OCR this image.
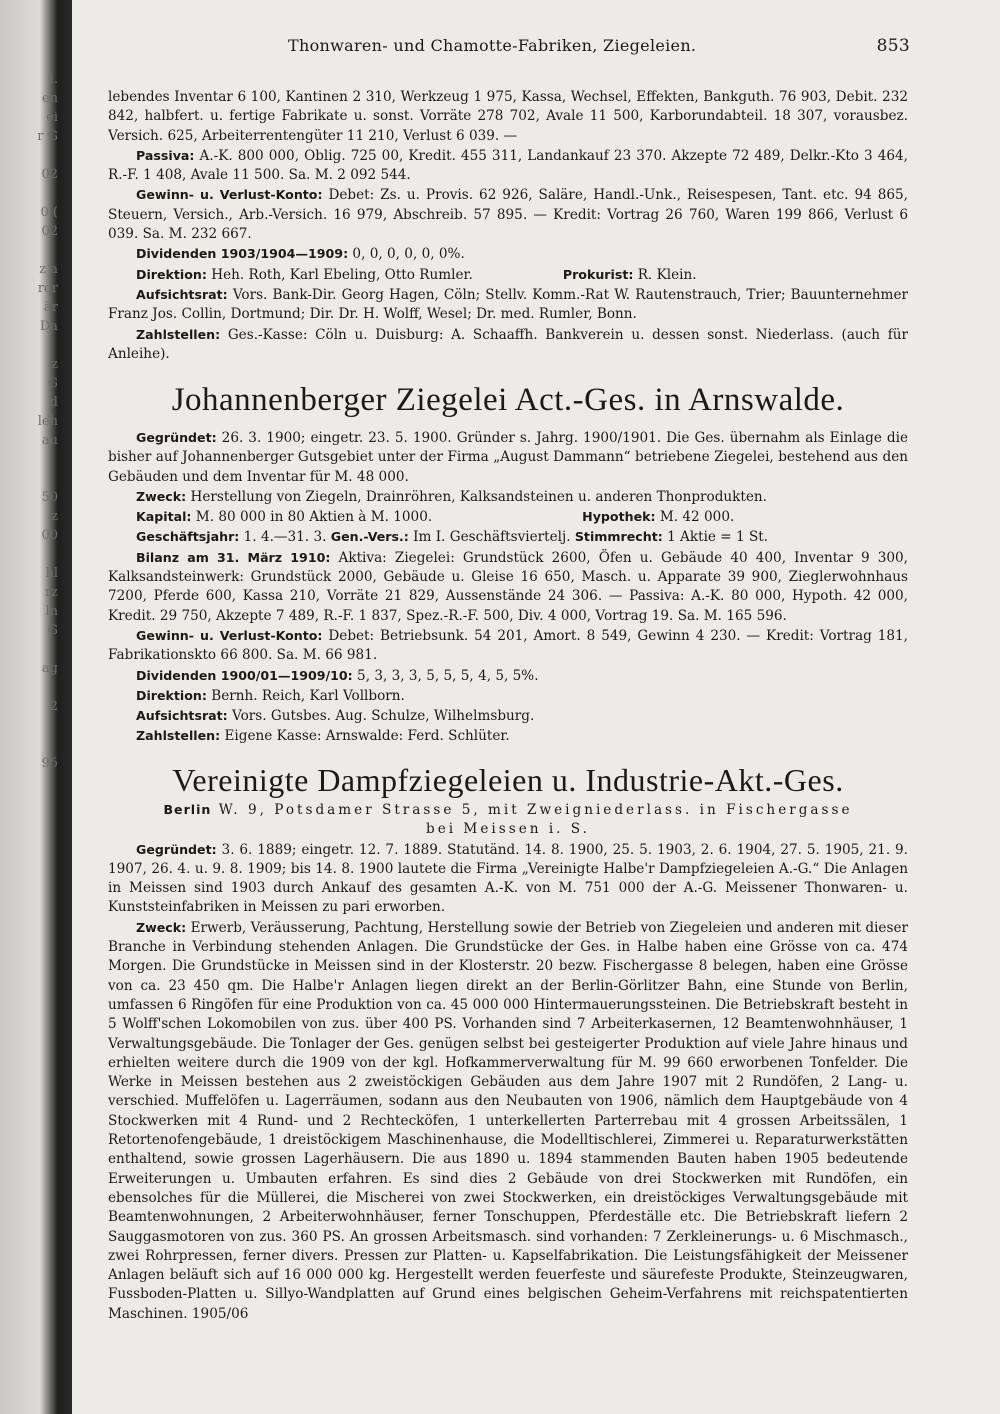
l.
en
ei
r G

02

0 (
02

z a
ror
är
Da

z
G
d
leh
au

50
z
00

hl
rz
ln
G

ag

2

95
Thonwaren- und Chamotte-Fabriken, Ziegeleien.	853

lebendes Inventar 6 100, Kantinen 2 310, Werkzeug 1 975, Kassa, Wechsel, Effekten, Bankguth. 76 903, Debit. 232 842, halbfert. u. fertige Fabrikate u. sonst. Vorräte 278 702, Avale 11 500, Karborundabteil. 18 307, vorausbez. Versich. 625, Arbeiterrentengüter 11 210, Verlust 6 039. —

Passiva: A.-K. 800 000, Oblig. 725 00, Kredit. 455 311, Landankauf 23 370. Akzepte 72 489, Delkr.-Kto 3 464, R.-F. 1 408, Avale 11 500. Sa. M. 2 092 544.

Gewinn- u. Verlust-Konto: Debet: Zs. u. Provis. 62 926, Saläre, Handl.-Unk., Reisespesen, Tant. etc. 94 865, Steuern, Versich., Arb.-Versich. 16 979, Abschreib. 57 895. — Kredit: Vortrag 26 760, Waren 199 866, Verlust 6 039. Sa. M. 232 667.

Dividenden 1903/1904—1909: 0, 0, 0, 0, 0, 0%.

Direktion: Heh. Roth, Karl Ebeling, Otto Rumler.	Prokurist: R. Klein.

Aufsichtsrat: Vors. Bank-Dir. Georg Hagen, Cöln; Stellv. Komm.-Rat W. Rautenstrauch, Trier; Bauunternehmer Franz Jos. Collin, Dortmund; Dir. Dr. H. Wolff, Wesel; Dr. med. Rumler, Bonn.

Zahlstellen: Ges.-Kasse: Cöln u. Duisburg: A. Schaaffh. Bankverein u. dessen sonst. Niederlass. (auch für Anleihe).

Johannenberger Ziegelei Act.-Ges. in Arnswalde.

Gegründet: 26. 3. 1900; eingetr. 23. 5. 1900. Gründer s. Jahrg. 1900/1901. Die Ges. übernahm als Einlage die bisher auf Johannenberger Gutsgebiet unter der Firma „August Dammann“ betriebene Ziegelei, bestehend aus den Gebäuden und dem Inventar für M. 48 000.

Zweck: Herstellung von Ziegeln, Drainröhren, Kalksandsteinen u. anderen Thonprodukten.

Kapital: M. 80 000 in 80 Aktien à M. 1000.	Hypothek: M. 42 000.

Geschäftsjahr: 1. 4.—31. 3. Gen.-Vers.: Im I. Geschäftsviertelj. Stimmrecht: 1 Aktie = 1 St.

Bilanz am 31. März 1910: Aktiva: Ziegelei: Grundstück 2600, Öfen u. Gebäude 40 400, Inventar 9 300, Kalksandsteinwerk: Grundstück 2000, Gebäude u. Gleise 16 650, Masch. u. Apparate 39 900, Zieglerwohnhaus 7200, Pferde 600, Kassa 210, Vorräte 21 829, Aussenstände 24 306. — Passiva: A.-K. 80 000, Hypoth. 42 000, Kredit. 29 750, Akzepte 7 489, R.-F. 1 837, Spez.-R.-F. 500, Div. 4 000, Vortrag 19. Sa. M. 165 596.

Gewinn- u. Verlust-Konto: Debet: Betriebsunk. 54 201, Amort. 8 549, Gewinn 4 230. — Kredit: Vortrag 181, Fabrikationskto 66 800. Sa. M. 66 981.

Dividenden 1900/01—1909/10: 5, 3, 3, 3, 5, 5, 5, 4, 5, 5%.

Direktion: Bernh. Reich, Karl Vollborn.

Aufsichtsrat: Vors. Gutsbes. Aug. Schulze, Wilhelmsburg.

Zahlstellen: Eigene Kasse: Arnswalde: Ferd. Schlüter.

Vereinigte Dampfziegeleien u. Industrie-Akt.-Ges.

Berlin W. 9, Potsdamer Strasse 5, mit Zweigniederlass. in Fischergasse

bei Meissen i. S.

Gegründet: 3. 6. 1889; eingetr. 12. 7. 1889. Statutänd. 14. 8. 1900, 25. 5. 1903, 2. 6. 1904, 27. 5. 1905, 21. 9. 1907, 26. 4. u. 9. 8. 1909; bis 14. 8. 1900 lautete die Firma „Vereinigte Halbe'r Dampfziegeleien A.-G.“ Die Anlagen in Meissen sind 1903 durch Ankauf des gesamten A.-K. von M. 751 000 der A.-G. Meissener Thonwaren- u. Kunststeinfabriken in Meissen zu pari erworben.

Zweck: Erwerb, Veräusserung, Pachtung, Herstellung sowie der Betrieb von Ziegeleien und anderen mit dieser Branche in Verbindung stehenden Anlagen. Die Grundstücke der Ges. in Halbe haben eine Grösse von ca. 474 Morgen. Die Grundstücke in Meissen sind in der Klosterstr. 20 bezw. Fischergasse 8 belegen, haben eine Grösse von ca. 23 450 qm. Die Halbe'r Anlagen liegen direkt an der Berlin-Görlitzer Bahn, eine Stunde von Berlin, umfassen 6 Ringöfen für eine Produktion von ca. 45 000 000 Hintermauerungssteinen. Die Betriebskraft besteht in 5 Wolff'schen Lokomobilen von zus. über 400 PS. Vorhanden sind 7 Arbeiterkasernen, 12 Beamtenwohnhäuser, 1 Verwaltungsgebäude. Die Tonlager der Ges. genügen selbst bei gesteigerter Produktion auf viele Jahre hinaus und erhielten weitere durch die 1909 von der kgl. Hofkammerverwaltung für M. 99 660 erworbenen Tonfelder. Die Werke in Meissen bestehen aus 2 zweistöckigen Gebäuden aus dem Jahre 1907 mit 2 Rundöfen, 2 Lang- u. verschied. Muffelöfen u. Lagerräumen, sodann aus den Neubauten von 1906, nämlich dem Hauptgebäude von 4 Stockwerken mit 4 Rund- und 2 Rechtecköfen, 1 unterkellerten Parterrebau mit 4 grossen Arbeitssälen, 1 Retortenofengebäude, 1 dreistöckigem Maschinenhause, die Modelltischlerei, Zimmerei u. Reparaturwerkstätten enthaltend, sowie grossen Lagerhäusern. Die aus 1890 u. 1894 stammenden Bauten haben 1905 bedeutende Erweiterungen u. Umbauten erfahren. Es sind dies 2 Gebäude von drei Stockwerken mit Rundöfen, ein ebensolches für die Müllerei, die Mischerei von zwei Stockwerken, ein dreistöckiges Verwaltungsgebäude mit Beamtenwohnungen, 2 Arbeiterwohnhäuser, ferner Tonschuppen, Pferdeställe etc. Die Betriebskraft liefern 2 Sauggasmotoren von zus. 360 PS. An grossen Arbeitsmasch. sind vorhanden: 7 Zerkleinerungs- u. 6 Mischmasch., zwei Rohrpressen, ferner divers. Pressen zur Platten- u. Kapselfabrikation. Die Leistungsfähigkeit der Meissener Anlagen beläuft sich auf 16 000 000 kg. Hergestellt werden feuerfeste und säurefeste Produkte, Steinzeugwaren, Fussboden-Platten u. Sillyo-Wandplatten auf Grund eines belgischen Geheim-Verfahrens mit reichspatentierten Maschinen. 1905/06
